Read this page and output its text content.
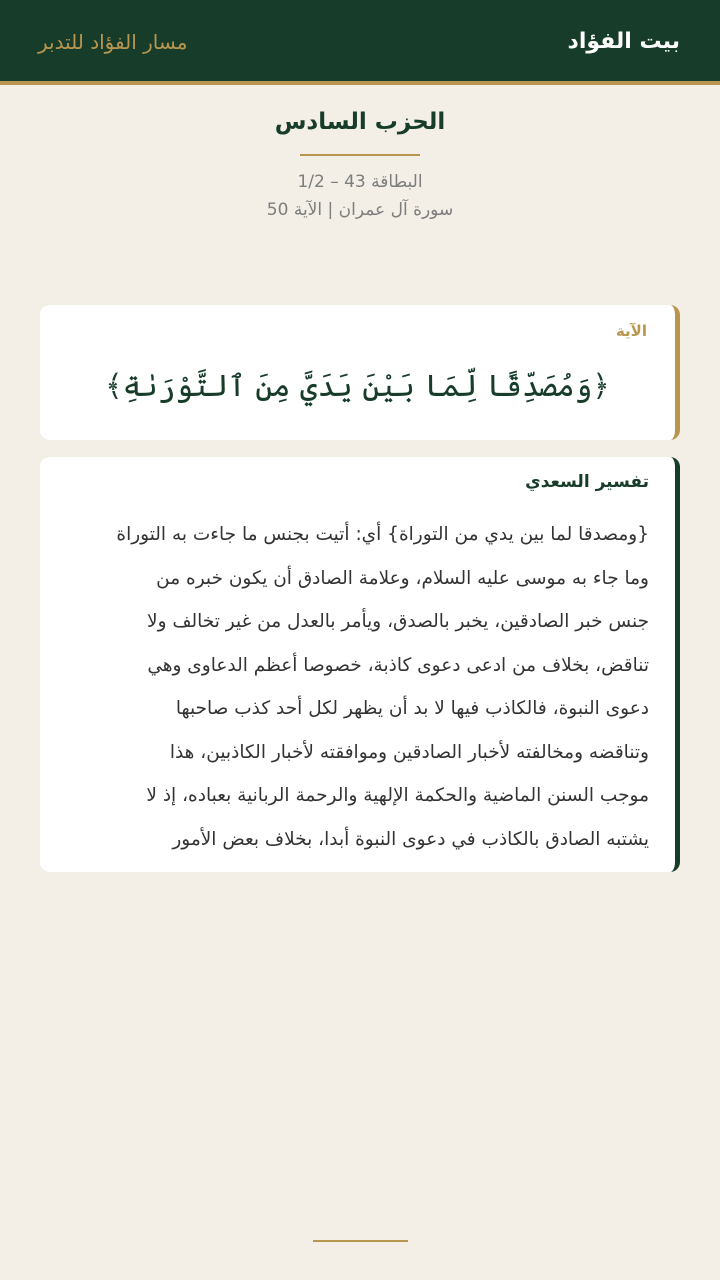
بيت الفؤاد
مسار الفؤاد للتدبر
الحزب السادس
البطاقة 43 – 1/2
سورة آل عمران | الآية 50
الآية
﴿وَمُصَدِّقًا لِّمَا بَيْنَ يَدَيَّ مِنَ ٱلتَّوْرَىٰةِ﴾
تفسير السعدي
{ومصدقا لما بين يدي من التوراة} أي: أتيت بجنس ما جاءت به التوراة
وما جاء به موسى عليه السلام، وعلامة الصادق أن يكون خبره من
جنس خبر الصادقين، يخبر بالصدق، ويأمر بالعدل من غير تخالف ولا
تناقض، بخلاف من ادعى دعوى كاذبة، خصوصا أعظم الدعاوى وهي
دعوى النبوة، فالكاذب فيها لا بد أن يظهر لكل أحد كذب صاحبها
وتناقضه ومخالفته لأخبار الصادقين وموافقته لأخبار الكاذبين، هذا
موجب السنن الماضية والحكمة الإلهية والرحمة الربانية بعباده، إذ لا
يشتبه الصادق بالكاذب في دعوى النبوة أبدا، بخلاف بعض الأمور
